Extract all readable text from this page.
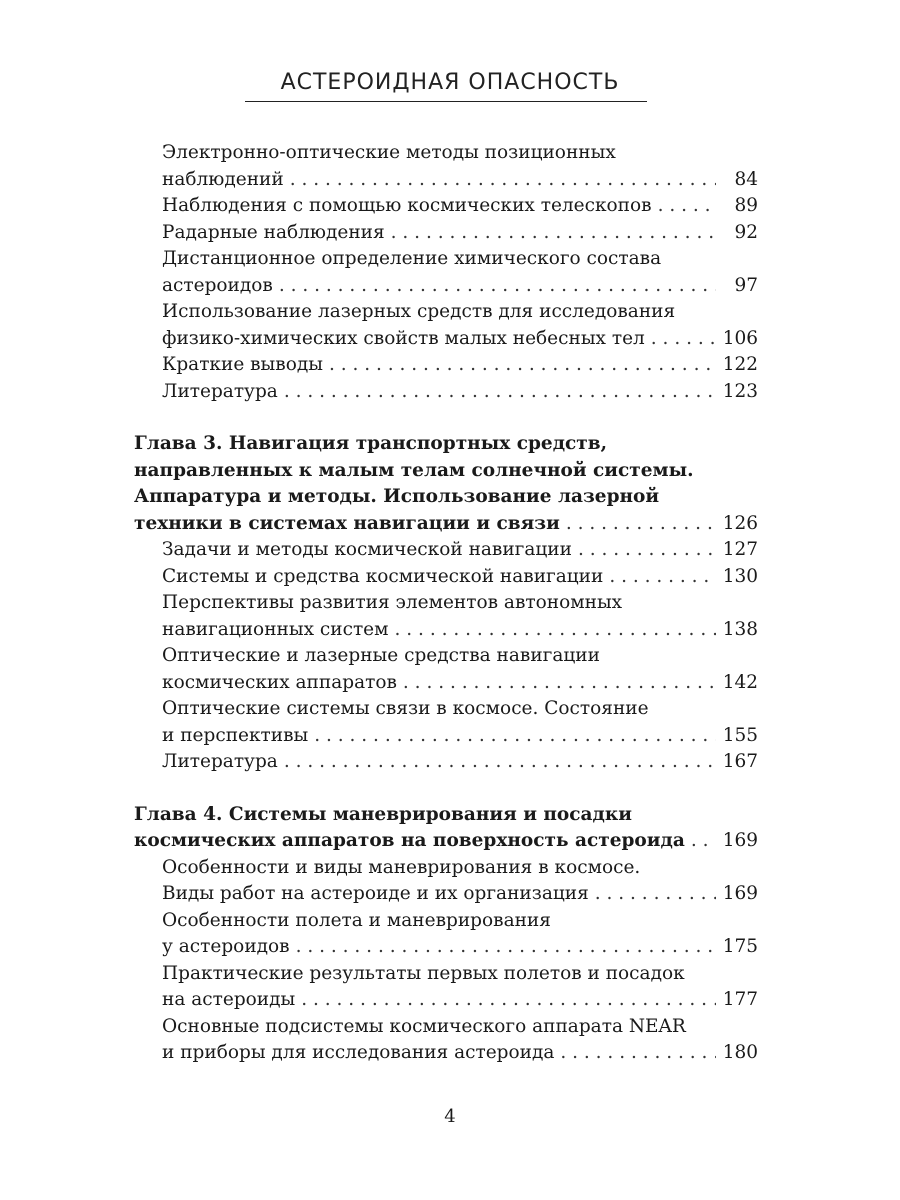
АСТЕРОИДНАЯ ОПАСНОСТЬ
Электронно-оптические методы позиционных
наблюдений . . .	84
Наблюдения с помощью космических телескопов . . .	89
Радарные наблюдения . . .	92
Дистанционное определение химического состава
астероидов . . .	97
Использование лазерных средств для исследования
физико-химических свойств малых небесных тел . . .	106
Краткие выводы . . .	122
Литература . . .	123
Глава 3. Навигация транспортных средств,
направленных к малым телам солнечной системы.
Аппаратура и методы. Использование лазерной
техники в системах навигации и связи . . .	126
Задачи и методы космической навигации . . .	127
Системы и средства космической навигации . . .	130
Перспективы развития элементов автономных
навигационных систем . . .	138
Оптические и лазерные средства навигации
космических аппаратов . . .	142
Оптические системы связи в космосе. Состояние
и перспективы . . .	155
Литература . . .	167
Глава 4. Системы маневрирования и посадки
космических аппаратов на поверхность астероида . . . 169
Особенности и виды маневрирования в космосе.
Виды работ на астероиде и их организация . . .	169
Особенности полета и маневрирования
у астероидов . . .	175
Практические результаты первых полетов и посадок
на астероиды . . .	177
Основные подсистемы космического аппарата NEAR
и приборы для исследования астероида . . .	180
4
